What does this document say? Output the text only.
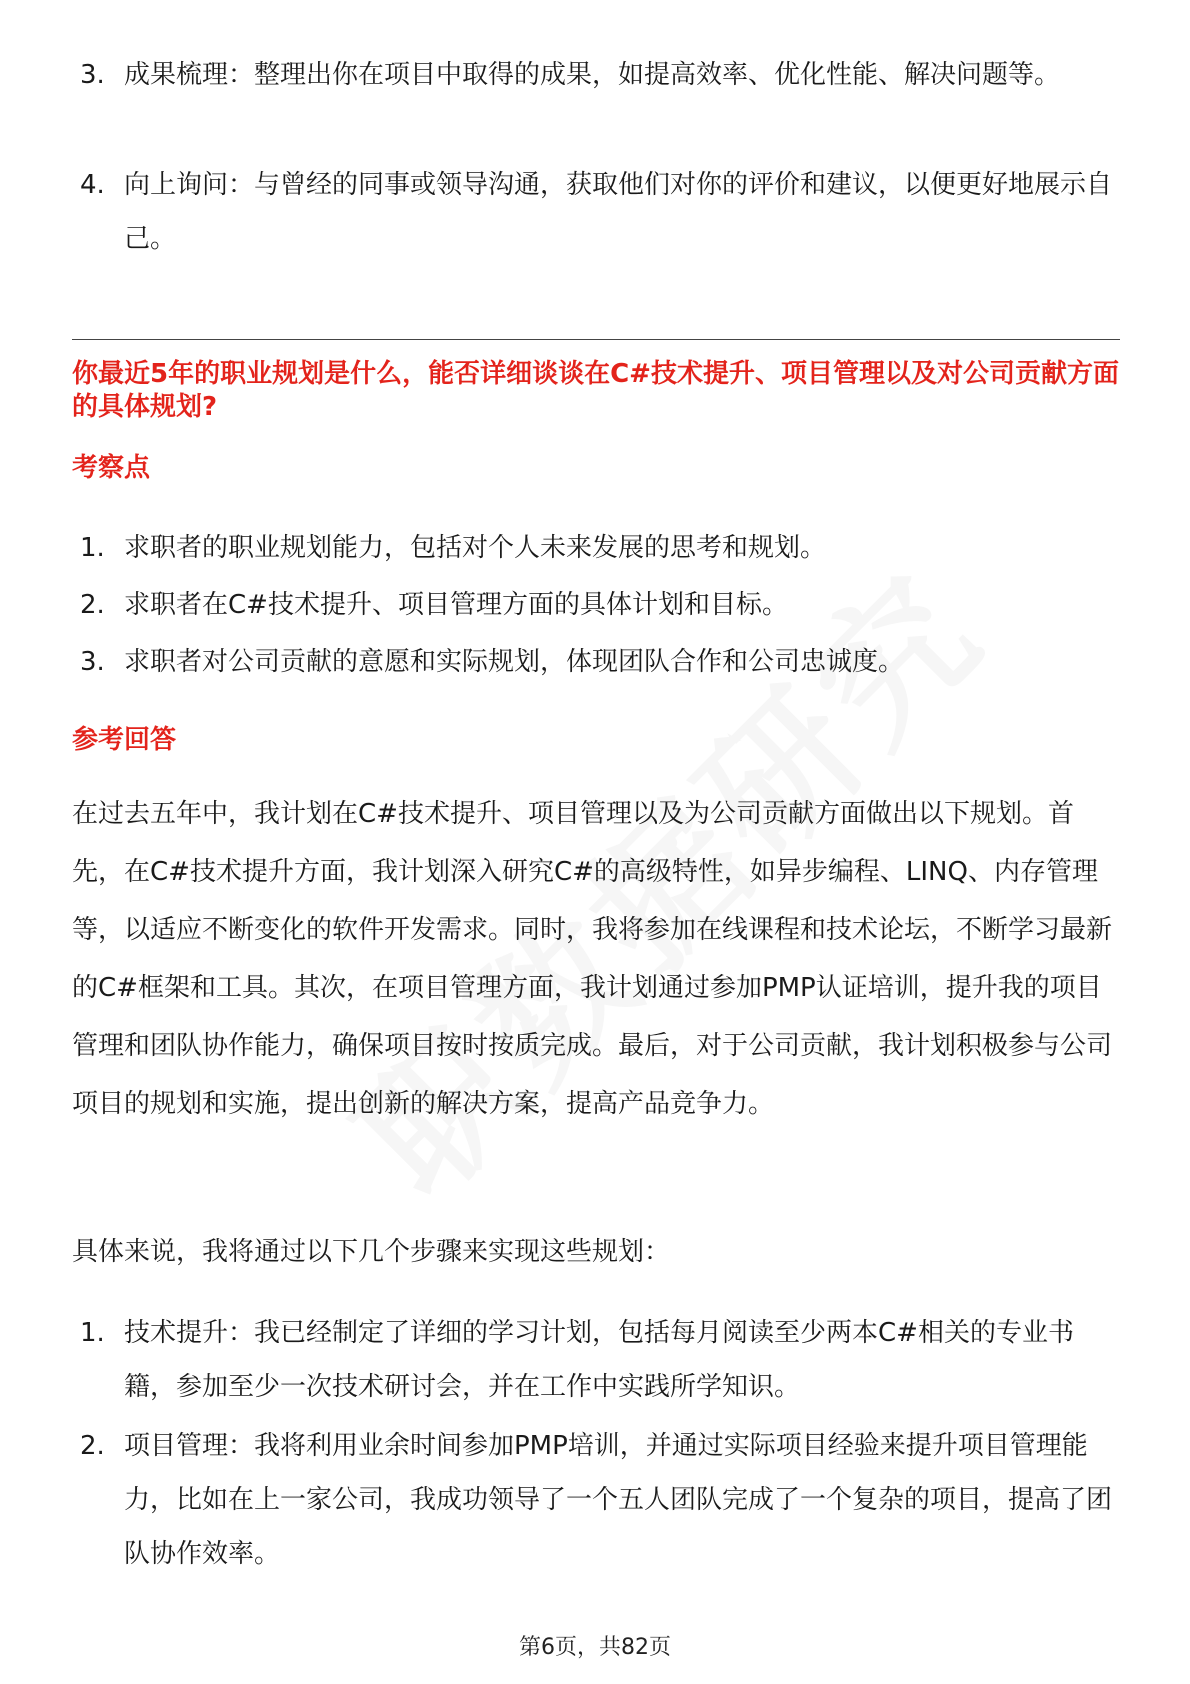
3. 成果梳理：整理出你在项目中取得的成果，如提高效率、优化性能、解决问题等。
4. 向上询问：与曾经的同事或领导沟通，获取他们对你的评价和建议，以便更好地展示自己。
你最近5年的职业规划是什么，能否详细谈谈在C#技术提升、项目管理以及对公司贡献方面的具体规划?
考察点
1. 求职者的职业规划能力，包括对个人未来发展的思考和规划。
2. 求职者在C#技术提升、项目管理方面的具体计划和目标。
3. 求职者对公司贡献的意愿和实际规划，体现团队合作和公司忠诚度。
参考回答
在过去五年中，我计划在C#技术提升、项目管理以及为公司贡献方面做出以下规划。首先，在C#技术提升方面，我计划深入研究C#的高级特性，如异步编程、LINQ、内存管理等，以适应不断变化的软件开发需求。同时，我将参加在线课程和技术论坛，不断学习最新的C#框架和工具。其次，在项目管理方面，我计划通过参加PMP认证培训，提升我的项目管理和团队协作能力，确保项目按时按质完成。最后，对于公司贡献，我计划积极参与公司项目的规划和实施，提出创新的解决方案，提高产品竞争力。
具体来说，我将通过以下几个步骤来实现这些规划：
1. 技术提升：我已经制定了详细的学习计划，包括每月阅读至少两本C#相关的专业书籍，参加至少一次技术研讨会，并在工作中实践所学知识。
2. 项目管理：我将利用业余时间参加PMP培训，并通过实际项目经验来提升项目管理能力，比如在上一家公司，我成功领导了一个五人团队完成了一个复杂的项目，提高了团队协作效率。
第6页，共82页
